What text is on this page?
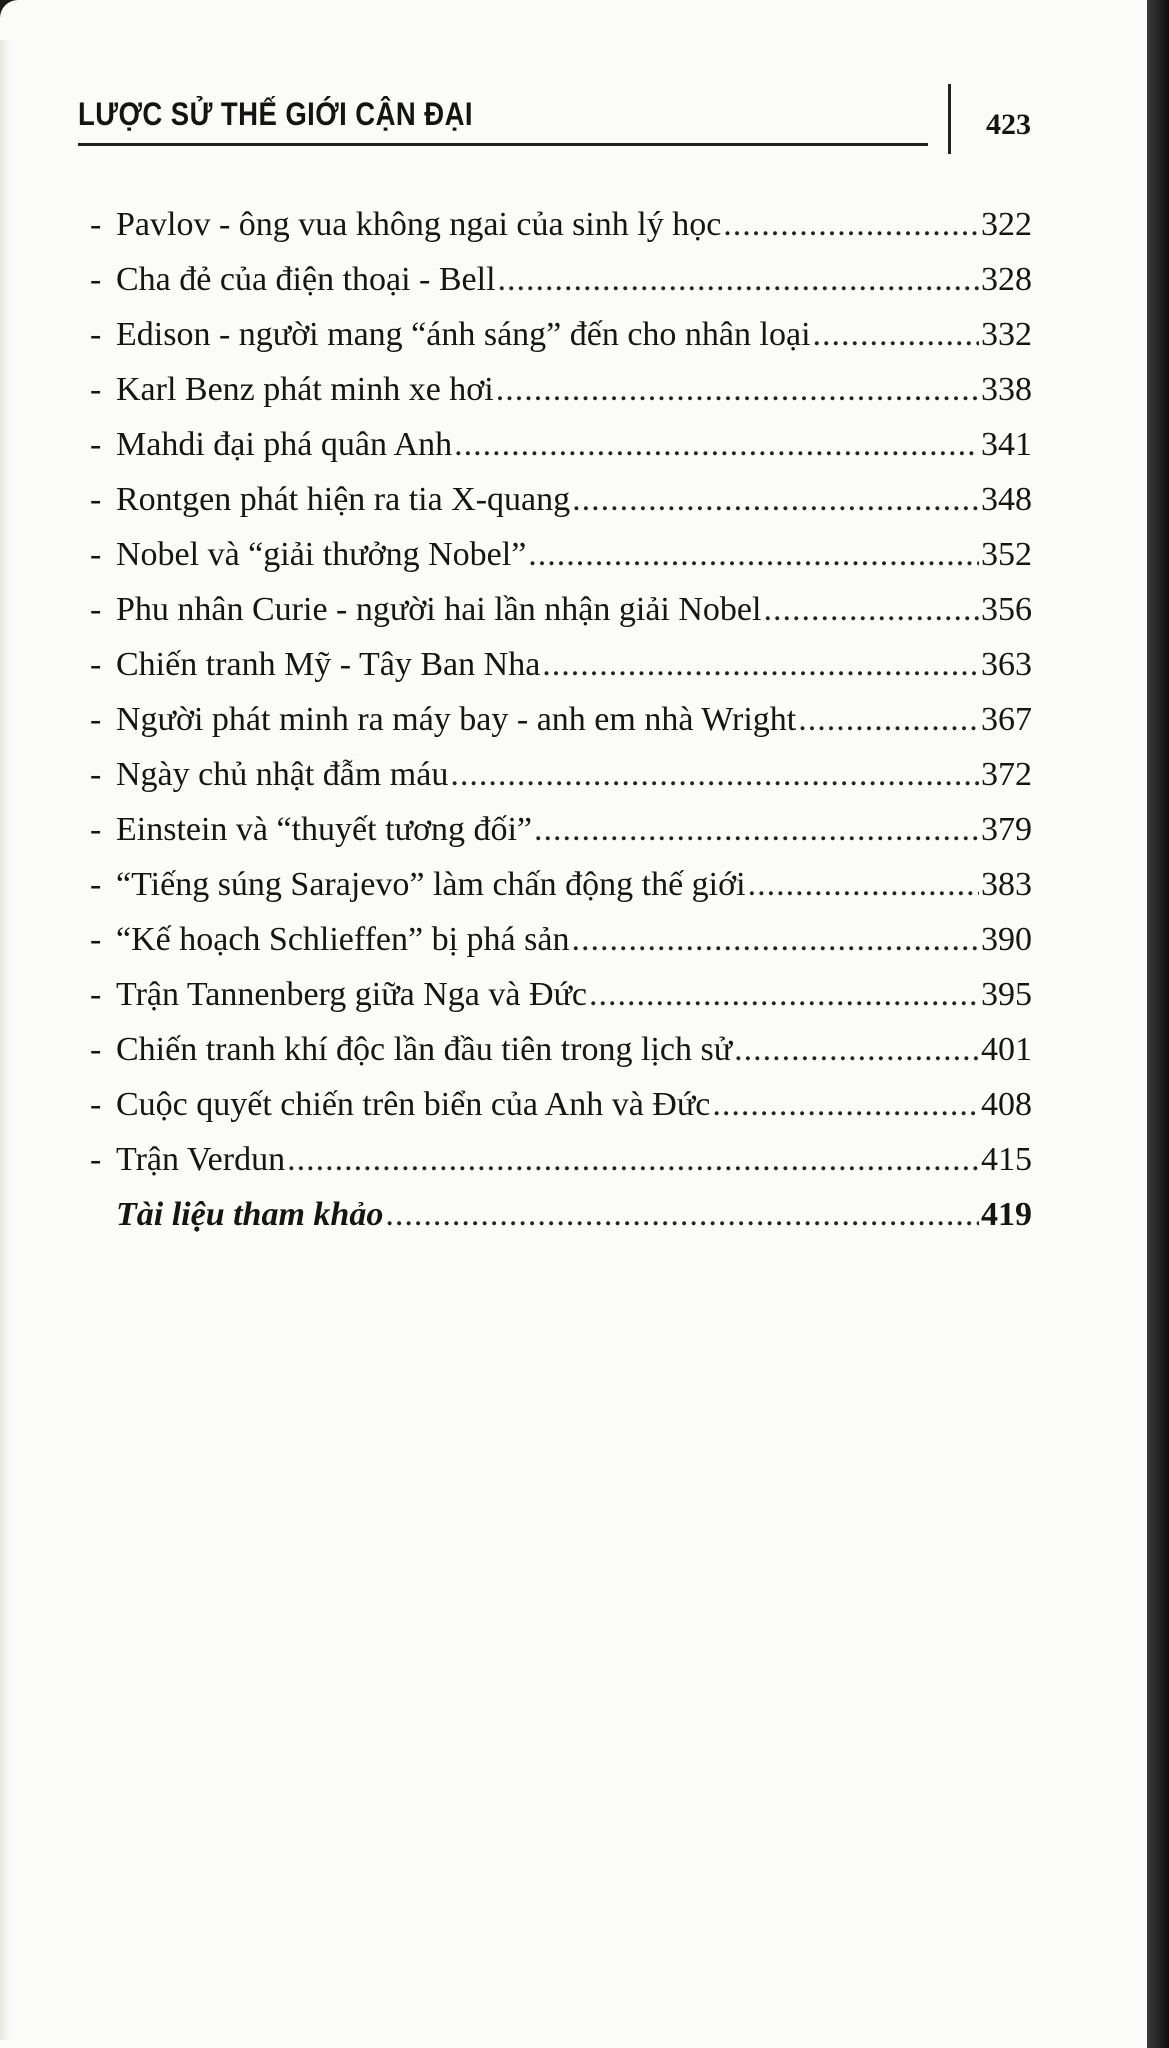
LƯỢC SỬ THẾ GIỚI CẬN ĐẠI	423
- Pavlov - ông vua không ngai của sinh lý học .....	322
- Cha đẻ của điện thoại - Bell .....	328
- Edison - người mang “ánh sáng” đến cho nhân loại .....	332
- Karl Benz phát minh xe hơi .....	338
- Mahdi đại phá quân Anh .....	341
- Rontgen phát hiện ra tia X-quang .....	348
- Nobel và “giải thưởng Nobel” .....	352
- Phu nhân Curie - người hai lần nhận giải Nobel .....	356
- Chiến tranh Mỹ - Tây Ban Nha .....	363
- Người phát minh ra máy bay - anh em nhà Wright .....	367
- Ngày chủ nhật đẫm máu .....	372
- Einstein và “thuyết tương đối” .....	379
- “Tiếng súng Sarajevo” làm chấn động thế giới .....	383
- “Kế hoạch Schlieffen” bị phá sản .....	390
- Trận Tannenberg giữa Nga và Đức .....	395
- Chiến tranh khí độc lần đầu tiên trong lịch sử .....	401
- Cuộc quyết chiến trên biển của Anh và Đức .....	408
- Trận Verdun .....	415
Tài liệu tham khảo .....	419
